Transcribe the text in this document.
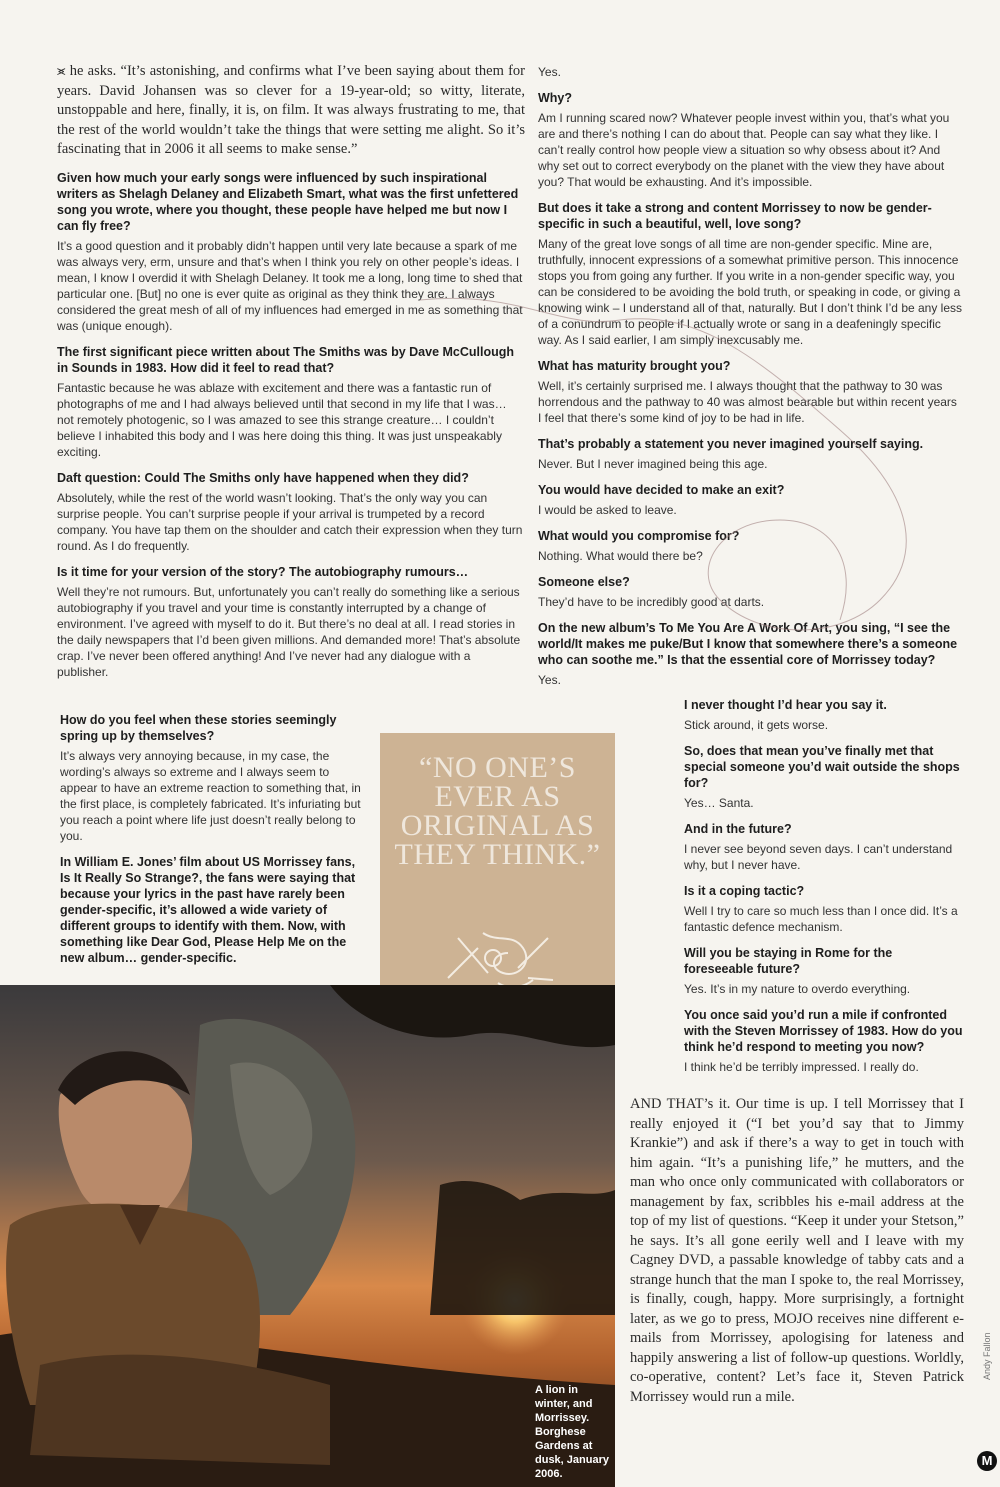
⪤ he asks. “It’s astonishing, and confirms what I’ve been saying about them for years. David Johansen was so clever for a 19-year-old; so witty, literate, unstoppable and here, finally, it is, on film. It was always frustrating to me, that the rest of the world wouldn’t take the things that were setting me alight. So it’s fascinating that in 2006 it all seems to make sense.”

Given how much your early songs were influenced by such inspirational writers as Shelagh Delaney and Elizabeth Smart, what was the first unfettered song you wrote, where you thought, these people have helped me but now I can fly free?

It’s a good question and it probably didn’t happen until very late because a spark of me was always very, erm, unsure and that’s when I think you rely on other people’s ideas. I mean, I know I overdid it with Shelagh Delaney. It took me a long, long time to shed that particular one. [But] no one is ever quite as original as they think they are. I always considered the great mesh of all of my influences had emerged in me as something that was (unique enough).

The first significant piece written about The Smiths was by Dave McCullough in Sounds in 1983. How did it feel to read that?

Fantastic because he was ablaze with excitement and there was a fantastic run of photographs of me and I had always believed until that second in my life that I was… not remotely photogenic, so I was amazed to see this strange creature… I couldn’t believe I inhabited this body and I was here doing this thing. It was just unspeakably exciting.

Daft question: Could The Smiths only have happened when they did?

Absolutely, while the rest of the world wasn’t looking. That’s the only way you can surprise people. You can’t surprise people if your arrival is trumpeted by a record company. You have tap them on the shoulder and catch their expression when they turn round. As I do frequently.

Is it time for your version of the story? The autobiography rumours…

Well they’re not rumours. But, unfortunately you can’t really do something like a serious autobiography if you travel and your time is constantly interrupted by a change of environment. I’ve agreed with myself to do it. But there’s no deal at all. I read stories in the daily newspapers that I’d been given millions. And demanded more! That’s absolute crap. I’ve never been offered anything! And I’ve never had any dialogue with a publisher.

How do you feel when these stories seemingly spring up by themselves?

It’s always very annoying because, in my case, the wording’s always so extreme and I always seem to appear to have an extreme reaction to something that, in the first place, is completely fabricated. It’s infuriating but you reach a point where life just doesn’t really belong to you.

In William E. Jones’ film about US Morrissey fans, Is It Really So Strange?, the fans were saying that because your lyrics in the past have rarely been gender-specific, it’s allowed a wide variety of different groups to identify with them. Now, with something like Dear God, Please Help Me on the new album… gender-specific.

Yes.

Why?

Am I running scared now? Whatever people invest within you, that’s what you are and there’s nothing I can do about that. People can say what they like. I can’t really control how people view a situation so why obsess about it? And why set out to correct everybody on the planet with the view they have about you? That would be exhausting. And it’s impossible.

But does it take a strong and content Morrissey to now be gender-specific in such a beautiful, well, love song?

Many of the great love songs of all time are non-gender specific. Mine are, truthfully, innocent expressions of a somewhat primitive person. This innocence stops you from going any further. If you write in a non-gender specific way, you can be considered to be avoiding the bold truth, or speaking in code, or giving a knowing wink – I understand all of that, naturally. But I don’t think I’d be any less of a conundrum to people if I actually wrote or sang in a deafeningly specific way. As I said earlier, I am simply inexcusably me.

What has maturity brought you?

Well, it’s certainly surprised me. I always thought that the pathway to 30 was horrendous and the pathway to 40 was almost bearable but within recent years I feel that there’s some kind of joy to be had in life.

That’s probably a statement you never imagined yourself saying.

Never. But I never imagined being this age.

You would have decided to make an exit?

I would be asked to leave.

What would you compromise for?

Nothing. What would there be?

Someone else?

They’d have to be incredibly good at darts.

On the new album’s To Me You Are A Work Of Art, you sing, “I see the world/It makes me puke/But I know that somewhere there’s a someone who can soothe me.” Is that the essential core of Morrissey today?

Yes.

I never thought I’d hear you say it.

Stick around, it gets worse.

So, does that mean you’ve finally met that special someone you’d wait outside the shops for?

Yes… Santa.

And in the future?

I never see beyond seven days. I can’t understand why, but I never have.

Is it a coping tactic?

Well I try to care so much less than I once did. It’s a fantastic defence mechanism.

Will you be staying in Rome for the foreseeable future?

Yes. It’s in my nature to overdo everything.

You once said you’d run a mile if confronted with the Steven Morrissey of 1983. How do you think he’d respond to meeting you now?

I think he’d be terribly impressed. I really do.

AND THAT’s it. Our time is up. I tell Morrissey that I really enjoyed it (“I bet you’d say that to Jimmy Krankie”) and ask if there’s a way to get in touch with him again. “It’s a punishing life,” he mutters, and the man who once only communicated with collaborators or management by fax, scribbles his e-mail address at the top of my list of questions. “Keep it under your Stetson,” he says. It’s all gone eerily well and I leave with my Cagney DVD, a passable knowledge of tabby cats and a strange hunch that the man I spoke to, the real Morrissey, is finally, cough, happy. More surprisingly, a fortnight later, as we go to press, MOJO receives nine different e-mails from Morrissey, apologising for lateness and happily answering a list of follow-up questions. Worldly, co-operative, content? Let’s face it, Steven Patrick Morrissey would run a mile.

“NO ONE’S EVER AS ORIGINAL AS THEY THINK.”
A lion in winter, and Morrissey. Borghese Gardens at dusk, January 2006.
Andy Fallon
M
